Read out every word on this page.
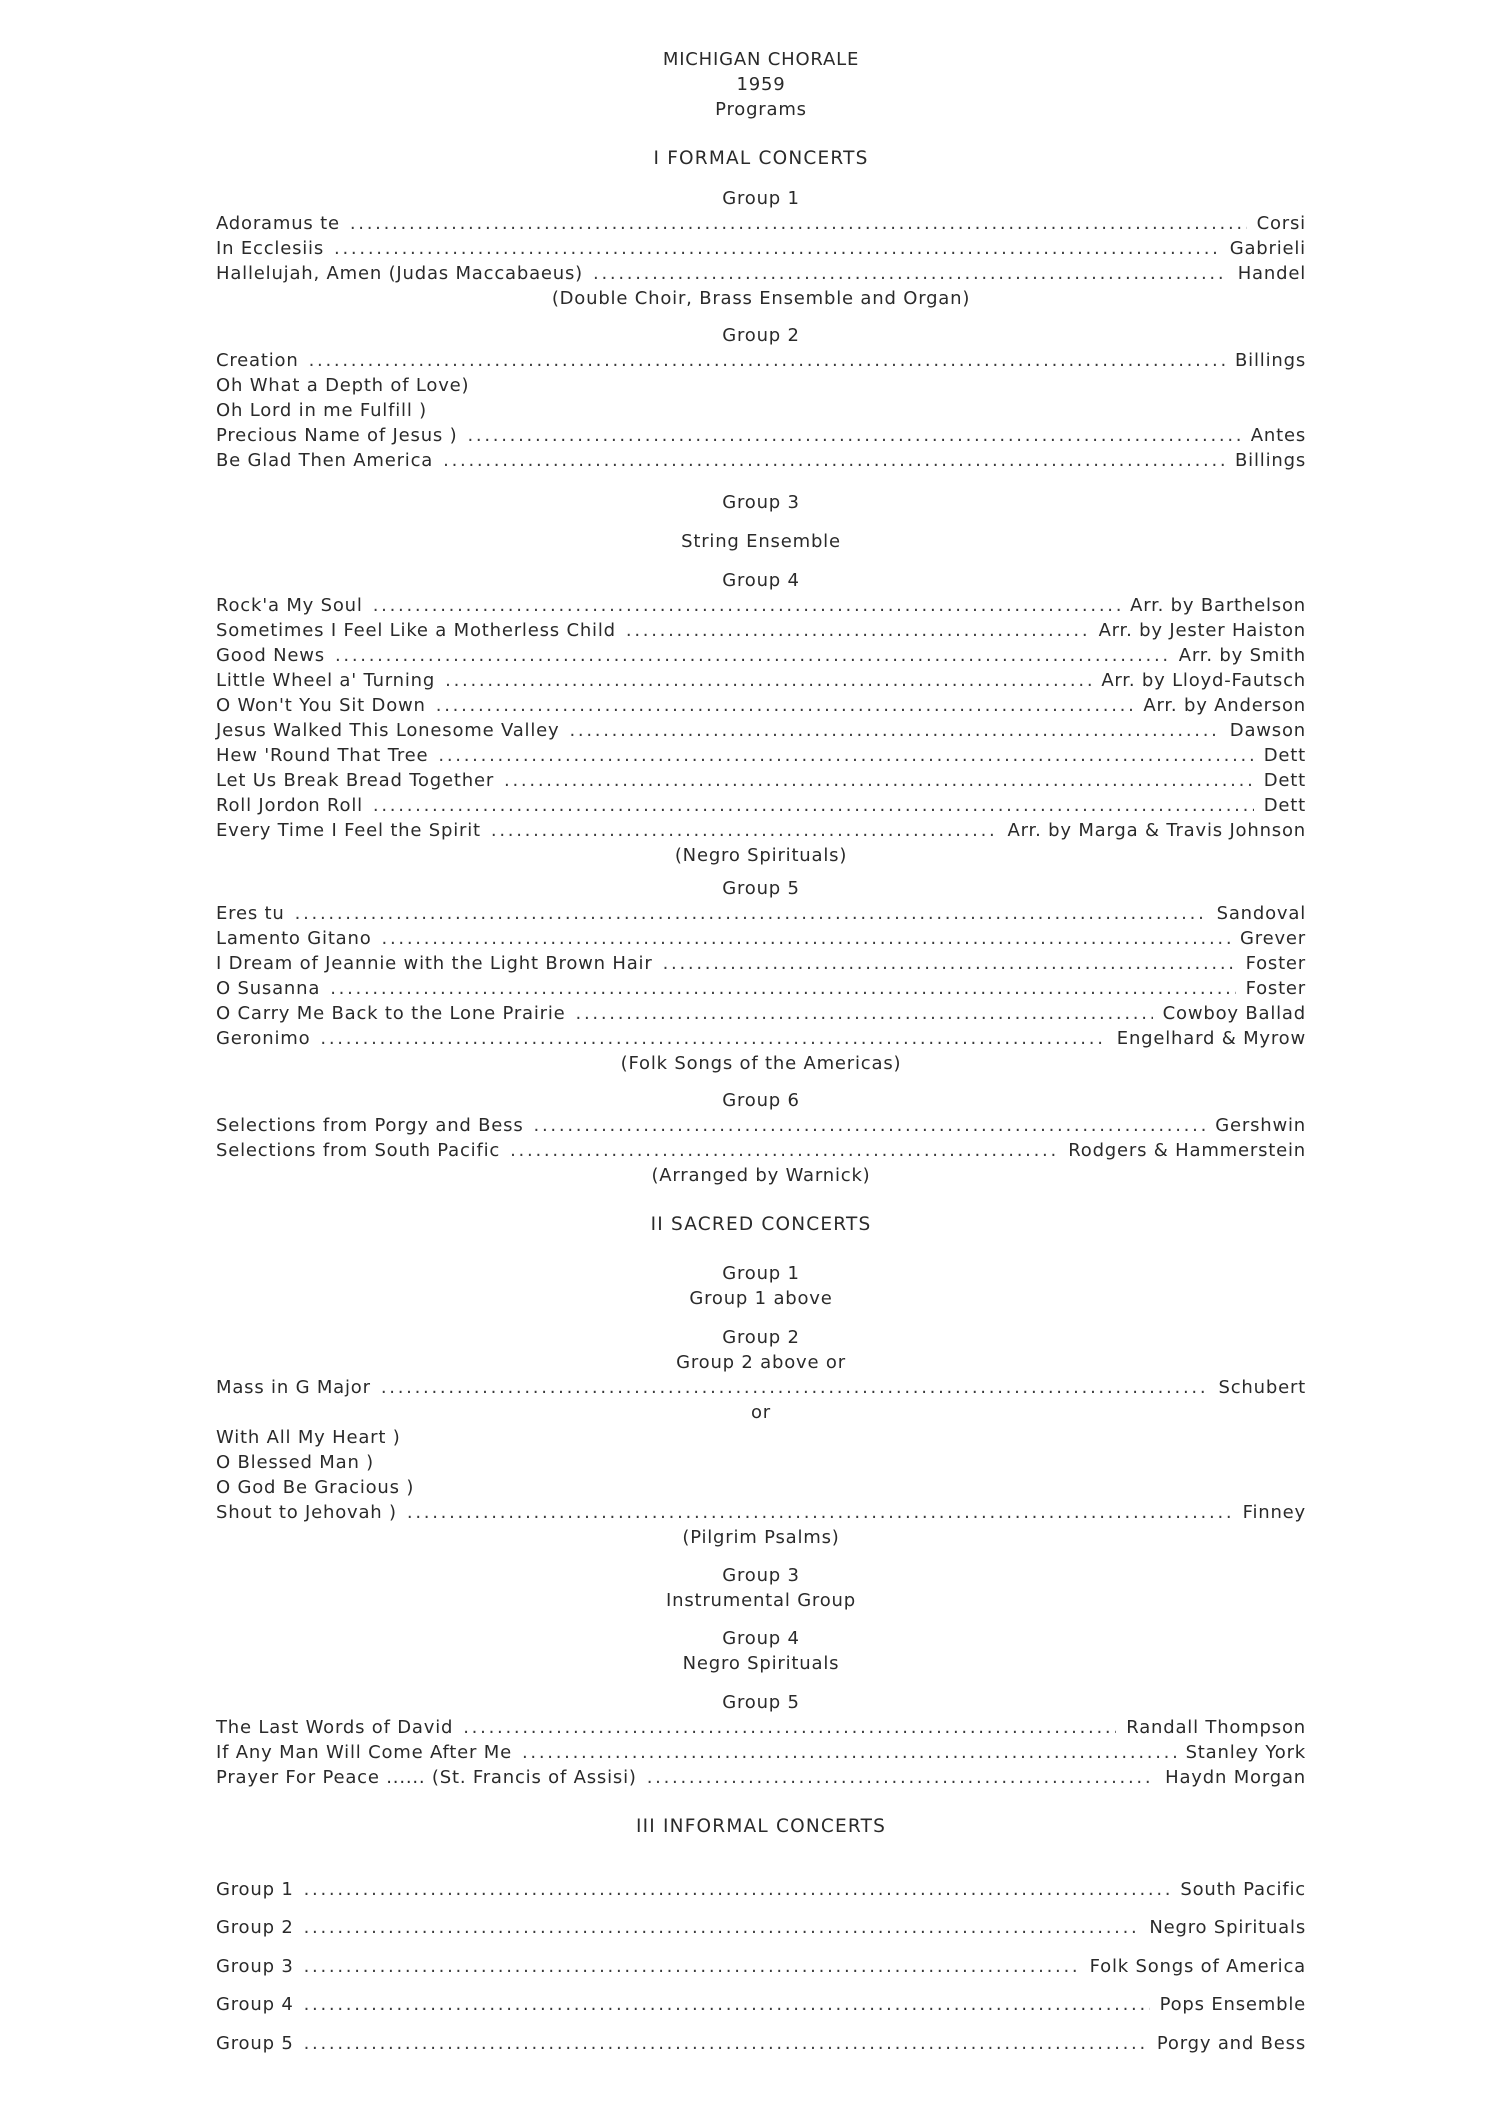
MICHIGAN CHORALE
1959
Programs
I FORMAL CONCERTS
Group 1
Adoramus te . . .	Corsi
In Ecclesiis . . .	Gabrieli
Hallelujah, Amen (Judas Maccabaeus) . . .	Handel
(Double Choir, Brass Ensemble and Organ)
Group 2
Creation . . .	Billings
Oh What a Depth of Love)
Oh Lord in me Fulfill )
Precious Name of Jesus ) . . .	Antes
Be Glad Then America . . .	Billings
Group 3
String Ensemble
Group 4
Rock'a My Soul . . .	Arr. by Barthelson
Sometimes I Feel Like a Motherless Child . . .	Arr. by Jester Haiston
Good News . . .	Arr. by Smith
Little Wheel a' Turning . . .	Arr. by Lloyd-Fautsch
O Won't You Sit Down . . .	Arr. by Anderson
Jesus Walked This Lonesome Valley . . .	Dawson
Hew 'Round That Tree . . .	Dett
Let Us Break Bread Together . . .	Dett
Roll Jordon Roll . . .	Dett
Every Time I Feel the Spirit . . .	Arr. by Marga & Travis Johnson
(Negro Spirituals)
Group 5
Eres tu . . .	Sandoval
Lamento Gitano . . .	Grever
I Dream of Jeannie with the Light Brown Hair . . .	Foster
O Susanna . . .	Foster
O Carry Me Back to the Lone Prairie . . .	Cowboy Ballad
Geronimo . . .	Engelhard & Myrow
(Folk Songs of the Americas)
Group 6
Selections from Porgy and Bess . . .	Gershwin
Selections from South Pacific . . .	Rodgers & Hammerstein
(Arranged by Warnick)
II SACRED CONCERTS
Group 1
Group 1 above
Group 2
Group 2 above or
Mass in G Major . . .	Schubert
or
With All My Heart )
O Blessed Man )
O God Be Gracious )
Shout to Jehovah ) . . .	Finney
(Pilgrim Psalms)
Group 3
Instrumental Group
Group 4
Negro Spirituals
Group 5
The Last Words of David . . .	Randall Thompson
If Any Man Will Come After Me . . .	Stanley York
Prayer For Peace ...... (St. Francis of Assisi) . . .	Haydn Morgan
III INFORMAL CONCERTS
Group 1 . . .	South Pacific
Group 2 . . .	Negro Spirituals
Group 3 . . .	Folk Songs of America
Group 4 . . .	Pops Ensemble
Group 5 . . .	Porgy and Bess
